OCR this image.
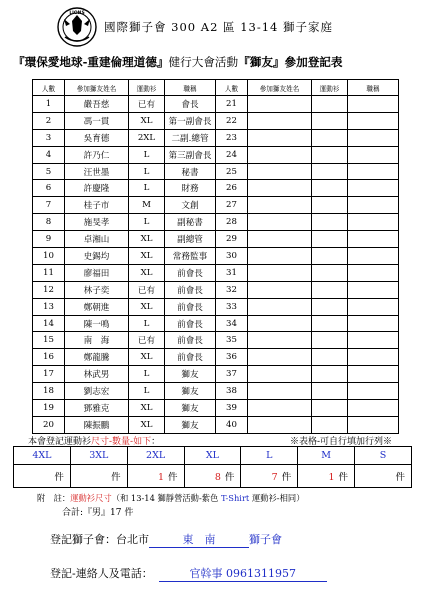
LIONS
國際獅子會 300 A2 區 13-14 獅子家庭
『環保愛地球-重建倫理道德』健行大會活動『獅友』參加登記表
人數	參加獅友姓名	運動衫	職稱	人數	參加獅友姓名	運動衫	職稱
1	嚴吾慈	已有	會長	21			
2	馮一貫	XL	第一副會長	22			
3	吳育德	2XL	二副.總管	23			
4	許乃仁	L	第三副會長	24			
5	汪世墨	L	秘書	25			
6	許慶隆	L	財務	26			
7	桂子市	M	文創	27			
8	施旻孝	L	副秘書	28			
9	卓湘山	XL	副總管	29			
10	史錫均	XL	常務監事	30			
11	廖福田	XL	前會長	31			
12	林子奕	已有	前會長	32			
13	鄭朝進	XL	前會長	33			
14	陳一鳴	L	前會長	34			
15	南　海	已有	前會長	35			
16	鄭龍騰	XL	前會長	36			
17	林武男	L	獅友	37			
18	劉志宏	L	獅友	38			
19	鄧雅克	XL	獅友	39			
20	陳振鵬	XL	獅友	40			
本會登記運動衫尺寸-數量-如下：	※表格-可自行填加行列※
4XL	3XL	2XL	XL	L	M	S
件	件	1 件	8 件	7 件	1 件	件
附　註：運動衫尺寸（和 13-14 獅靜營活動-紫色 T-Shirt 運動衫-相同）
合計:『男』17 件
登記獅子會：台北市	東　南	獅子會
登記-連絡人及電話：	官斡事 0961311957
